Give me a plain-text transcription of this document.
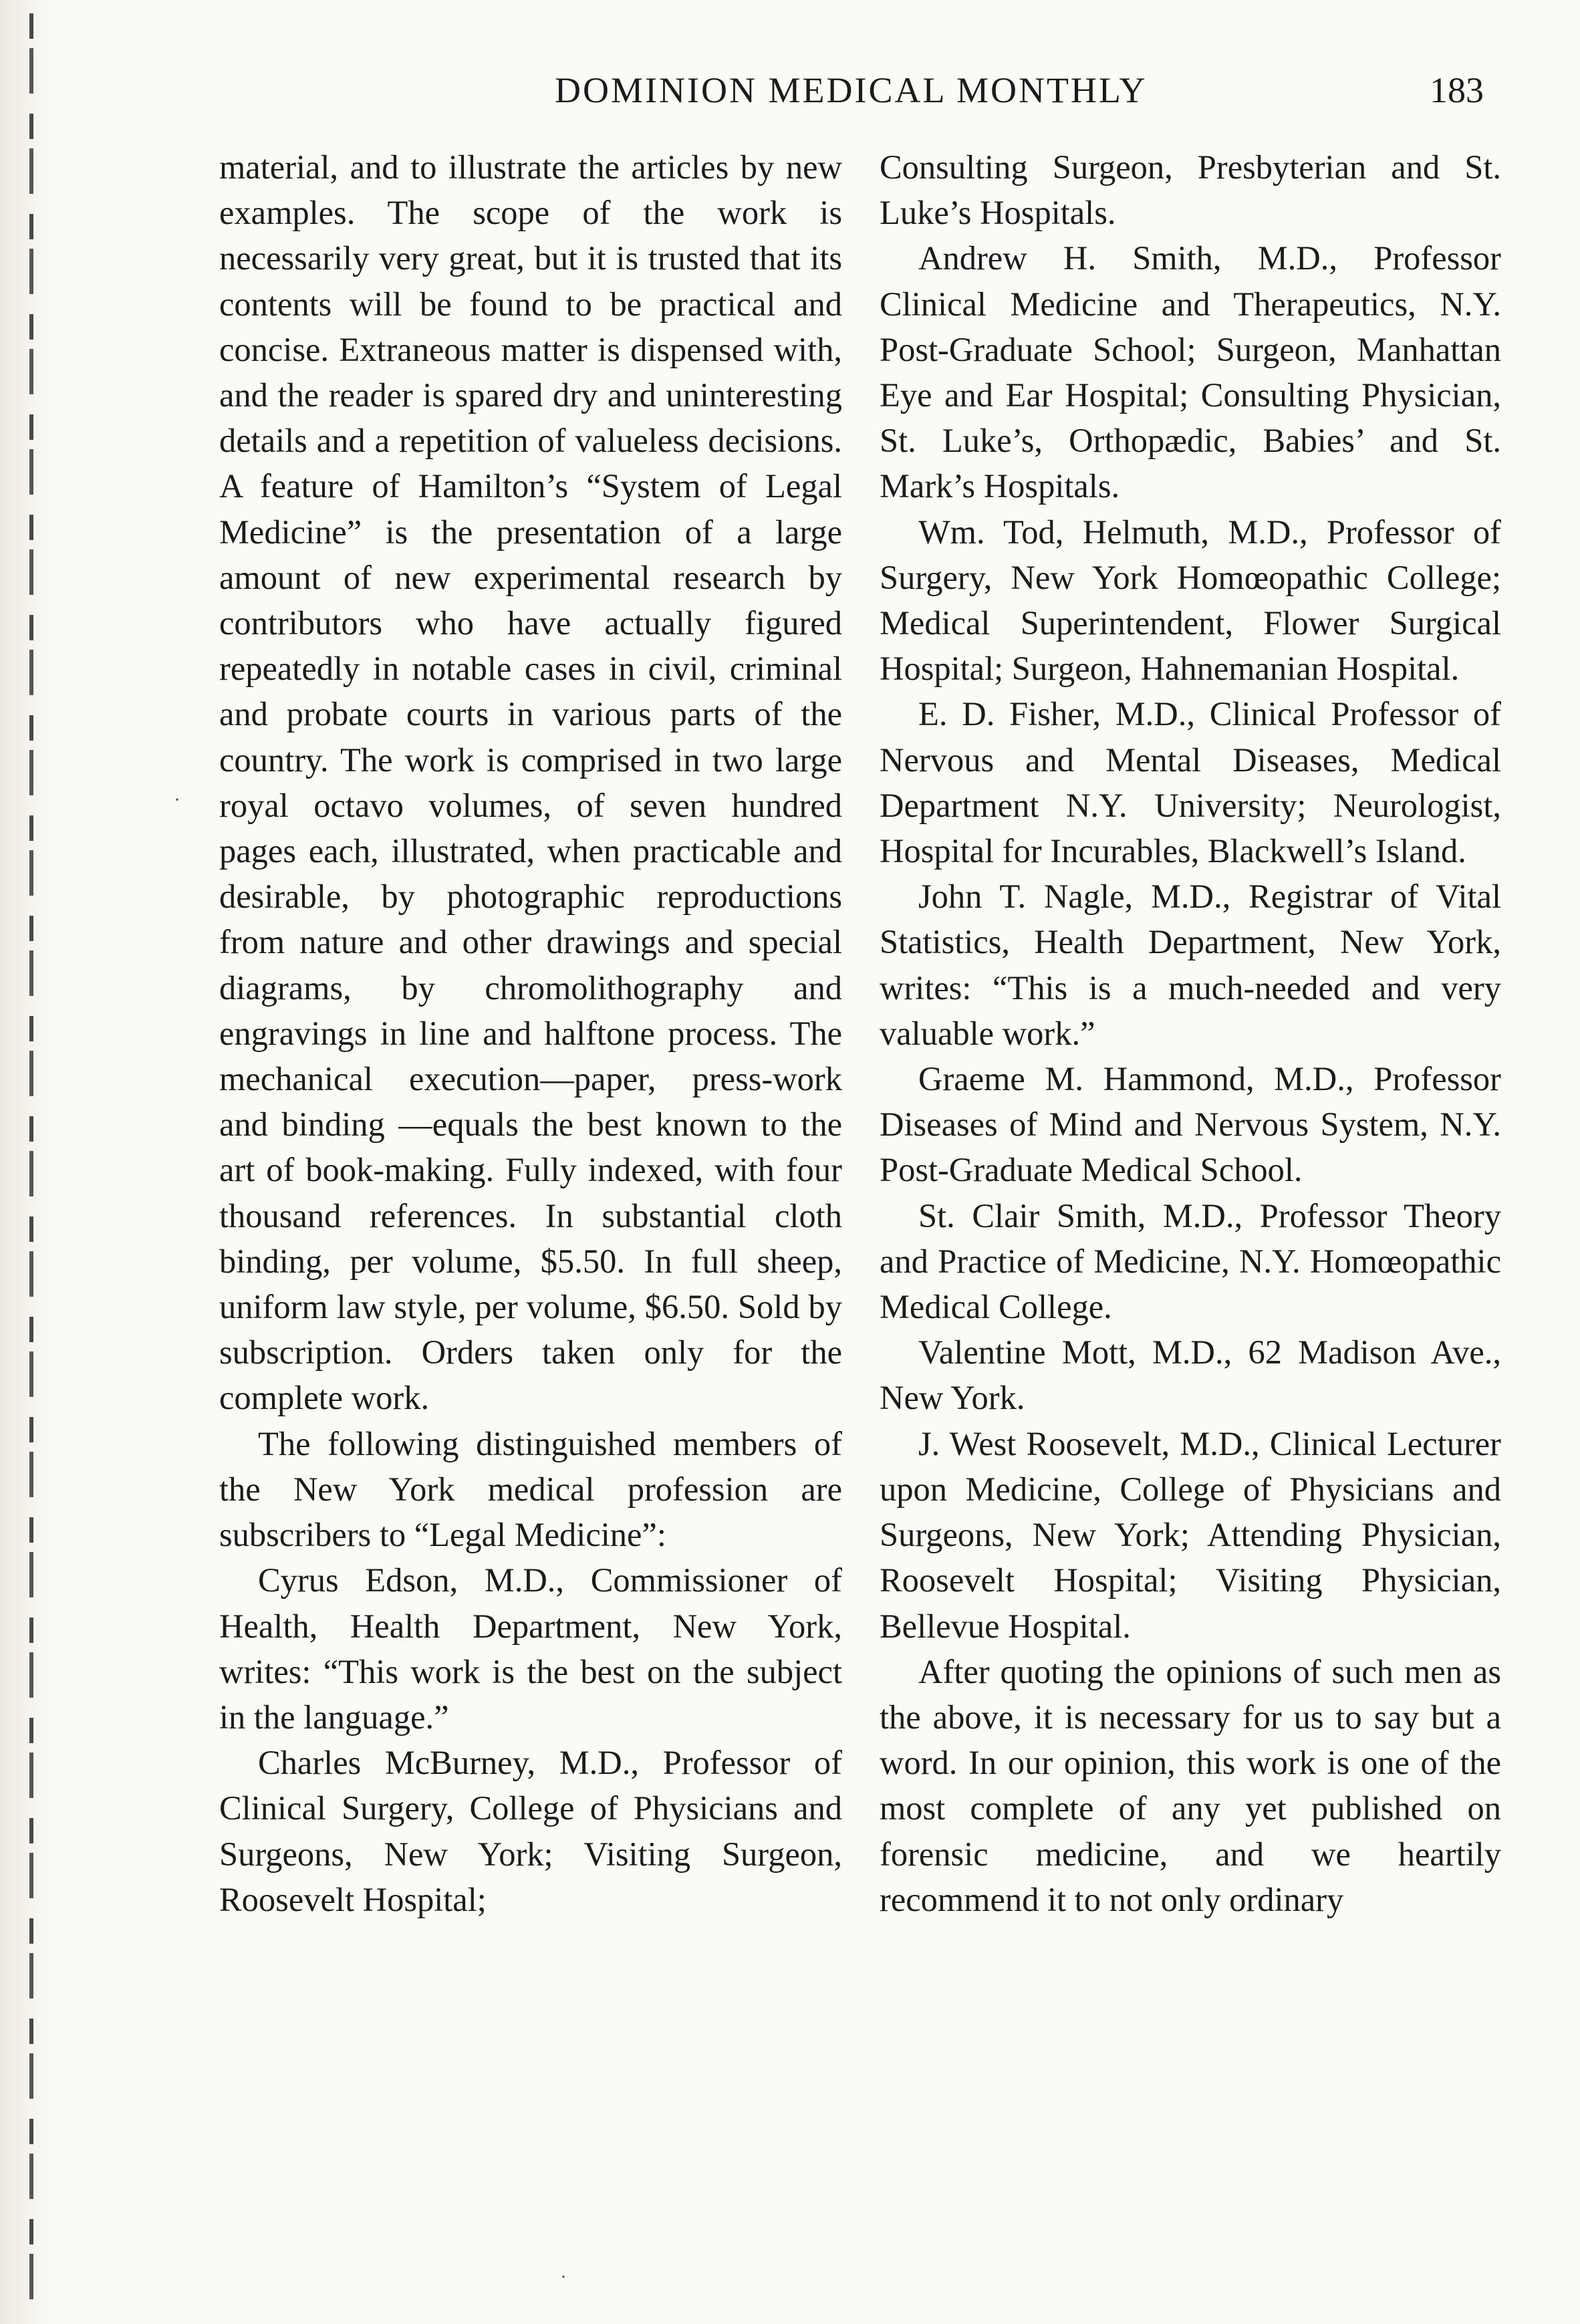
DOMINION MEDICAL MONTHLY	183

material, and to illustrate the articles by new examples. The scope of the work is necessarily very great, but it is trusted that its contents will be found to be practical and concise. Extraneous matter is dispensed with, and the reader is spared dry and uninteresting details and a repetition of valueless decisions. A feature of Hamilton’s “System of Legal Medicine” is the presentation of a large amount of new experimental research by contributors who have actually figured repeatedly in notable cases in civil, criminal and probate courts in various parts of the country. The work is comprised in two large royal octavo volumes, of seven hundred pages each, illustrated, when practicable and desirable, by photographic reproductions from nature and other drawings and special diagrams, by chromolithography and engravings in line and halftone process. The mechanical execution—paper, press-work and binding —equals the best known to the art of book-making. Fully indexed, with four thousand references. In substantial cloth binding, per volume, $5.50. In full sheep, uniform law style, per volume, $6.50. Sold by subscription. Orders taken only for the complete work.

The following distinguished members of the New York medical profession are subscribers to “Legal Medicine”:

Cyrus Edson, M.D., Commissioner of Health, Health Department, New York, writes: “This work is the best on the subject in the language.”

Charles McBurney, M.D., Professor of Clinical Surgery, College of Physicians and Surgeons, New York; Visiting Surgeon, Roosevelt Hospital;

Consulting Surgeon, Presbyterian and St. Luke’s Hospitals.

Andrew H. Smith, M.D., Professor Clinical Medicine and Therapeutics, N.Y. Post-Graduate School; Surgeon, Manhattan Eye and Ear Hospital; Consulting Physician, St. Luke’s, Orthopædic, Babies’ and St. Mark’s Hospitals.

Wm. Tod, Helmuth, M.D., Professor of Surgery, New York Homœopathic College; Medical Superintendent, Flower Surgical Hospital; Surgeon, Hahnemanian Hospital.

E. D. Fisher, M.D., Clinical Professor of Nervous and Mental Diseases, Medical Department N.Y. University; Neurologist, Hospital for Incurables, Blackwell’s Island.

John T. Nagle, M.D., Registrar of Vital Statistics, Health Department, New York, writes: “This is a much-needed and very valuable work.”

Graeme M. Hammond, M.D., Professor Diseases of Mind and Nervous System, N.Y. Post-Graduate Medical School.

St. Clair Smith, M.D., Professor Theory and Practice of Medicine, N.Y. Homœopathic Medical College.

Valentine Mott, M.D., 62 Madison Ave., New York.

J. West Roosevelt, M.D., Clinical Lecturer upon Medicine, College of Physicians and Surgeons, New York; Attending Physician, Roosevelt Hospital; Visiting Physician, Bellevue Hospital.

After quoting the opinions of such men as the above, it is necessary for us to say but a word. In our opinion, this work is one of the most complete of any yet published on forensic medicine, and we heartily recommend it to not only ordinary

·
·
